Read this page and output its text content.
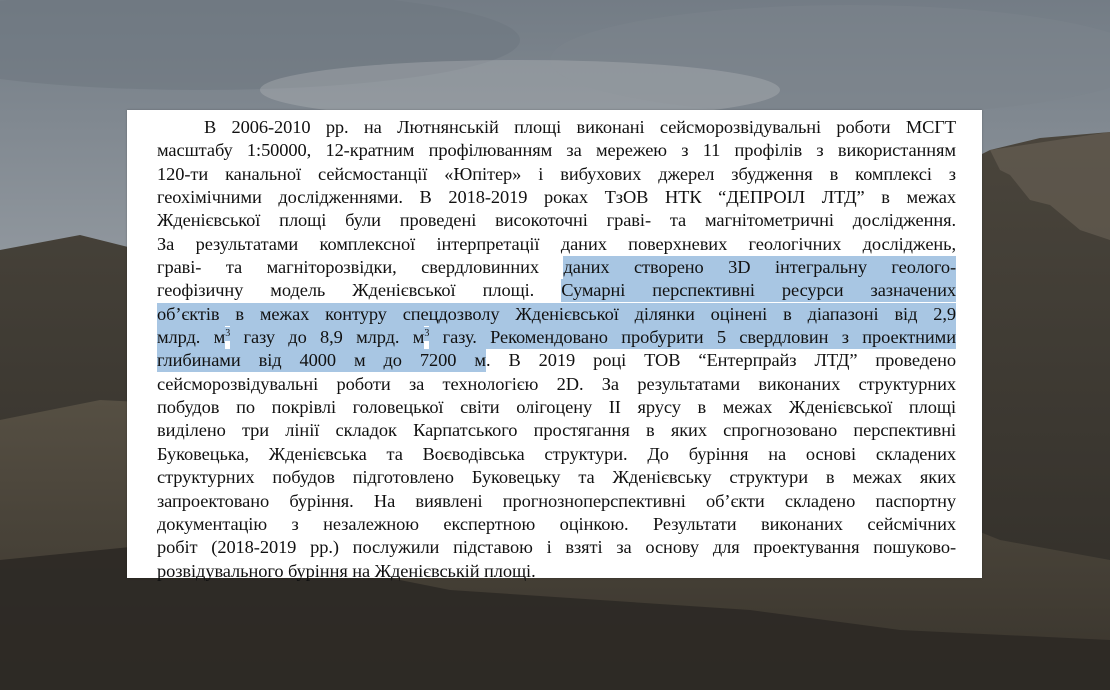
В 2006-2010 рр. на Лютнянській площі виконані сейсморозвідувальні роботи МСГТ
масштабу 1:50000, 12-кратним профілюванням за мережею з 11 профілів з використанням
120-ти канальної сейсмостанції «Юпітер» і вибухових джерел збудження в комплексі з
геохімічними дослідженнями. В 2018-2019 роках ТзОВ НТК “ДЕПРОІЛ ЛТД” в межах
Жденієвської площі були проведені високоточні граві- та магнітометричні дослідження.
За результатами комплексної інтерпретації даних поверхневих геологічних досліджень,
граві- та магніторозвідки, свердловинних даних створено 3D інтегральну геолого-
геофізичну модель Жденієвської площі. Сумарні перспективні ресурси зазначених
об’єктів в межах контуру спецдозволу Жденієвської ділянки оцінені в діапазоні від 2,9
млрд. $м^3$ газу до 8,9 млрд. $м^3$ газу. Рекомендовано пробурити 5 свердловин з проектними
глибинами від 4000 м до 7200 м. В 2019 році ТОВ “Ентерпрайз ЛТД” проведено
сейсморозвідувальні роботи за технологією 2D. За результатами виконаних структурних
побудов по покрівлі головецької світи олігоцену ІІ ярусу в межах Жденієвської площі
виділено три лінії складок Карпатського простягання в яких спрогнозовано перспективні
Буковецька, Жденієвська та Воєводівська структури. До буріння на основі складених
структурних побудов підготовлено Буковецьку та Жденієвську структури в межах яких
запроектовано буріння. На виявлені прогнозноперспективні об’єкти складено паспортну
документацію з незалежною експертною оцінкою. Результати виконаних сейсмічних
робіт (2018-2019 рр.) послужили підставою і взяті за основу для проектування пошуково-
розвідувального буріння на Жденієвській площі.
